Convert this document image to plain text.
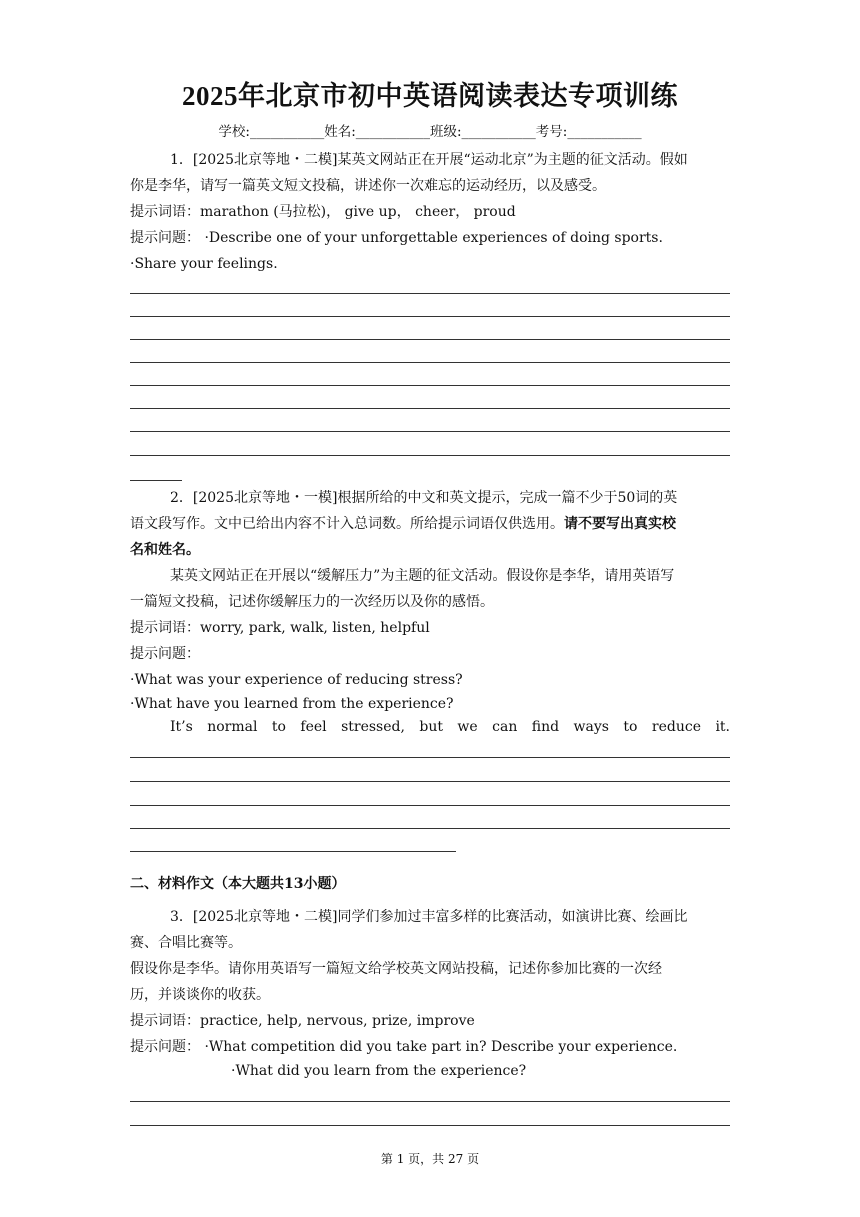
2025年北京市初中英语阅读表达专项训练
学校:___________姓名:___________班级:___________考号:___________
1．[2025北京等地・二模]某英文网站正在开展“运动北京”为主题的征文活动。假如
你是李华，请写一篇英文短文投稿，讲述你一次难忘的运动经历，以及感受。
提示词语：marathon (马拉松)， give up， cheer， proud
提示问题： ·Describe one of your unforgettable experiences of doing sports.
·Share your feelings.
2．[2025北京等地・一模]根据所给的中文和英文提示，完成一篇不少于50词的英
语文段写作。文中已给出内容不计入总词数。所给提示词语仅供选用。请不要写出真实校
名和姓名。
某英文网站正在开展以“缓解压力”为主题的征文活动。假设你是李华，请用英语写
一篇短文投稿，记述你缓解压力的一次经历以及你的感悟。
提示词语：worry, park, walk, listen, helpful
提示问题：
·What was your experience of reducing stress?
·What have you learned from the experience?
It’s normal to feel stressed, but we can find ways to reduce it.
二、材料作文（本大题共13小题）
3．[2025北京等地・二模]同学们参加过丰富多样的比赛活动，如演讲比赛、绘画比
赛、合唱比赛等。
假设你是李华。请你用英语写一篇短文给学校英文网站投稿，记述你参加比赛的一次经
历，并谈谈你的收获。
提示词语：practice, help, nervous, prize, improve
提示问题： ·What competition did you take part in? Describe your experience.
·What did you learn from the experience?
第 1 页，共 27 页
